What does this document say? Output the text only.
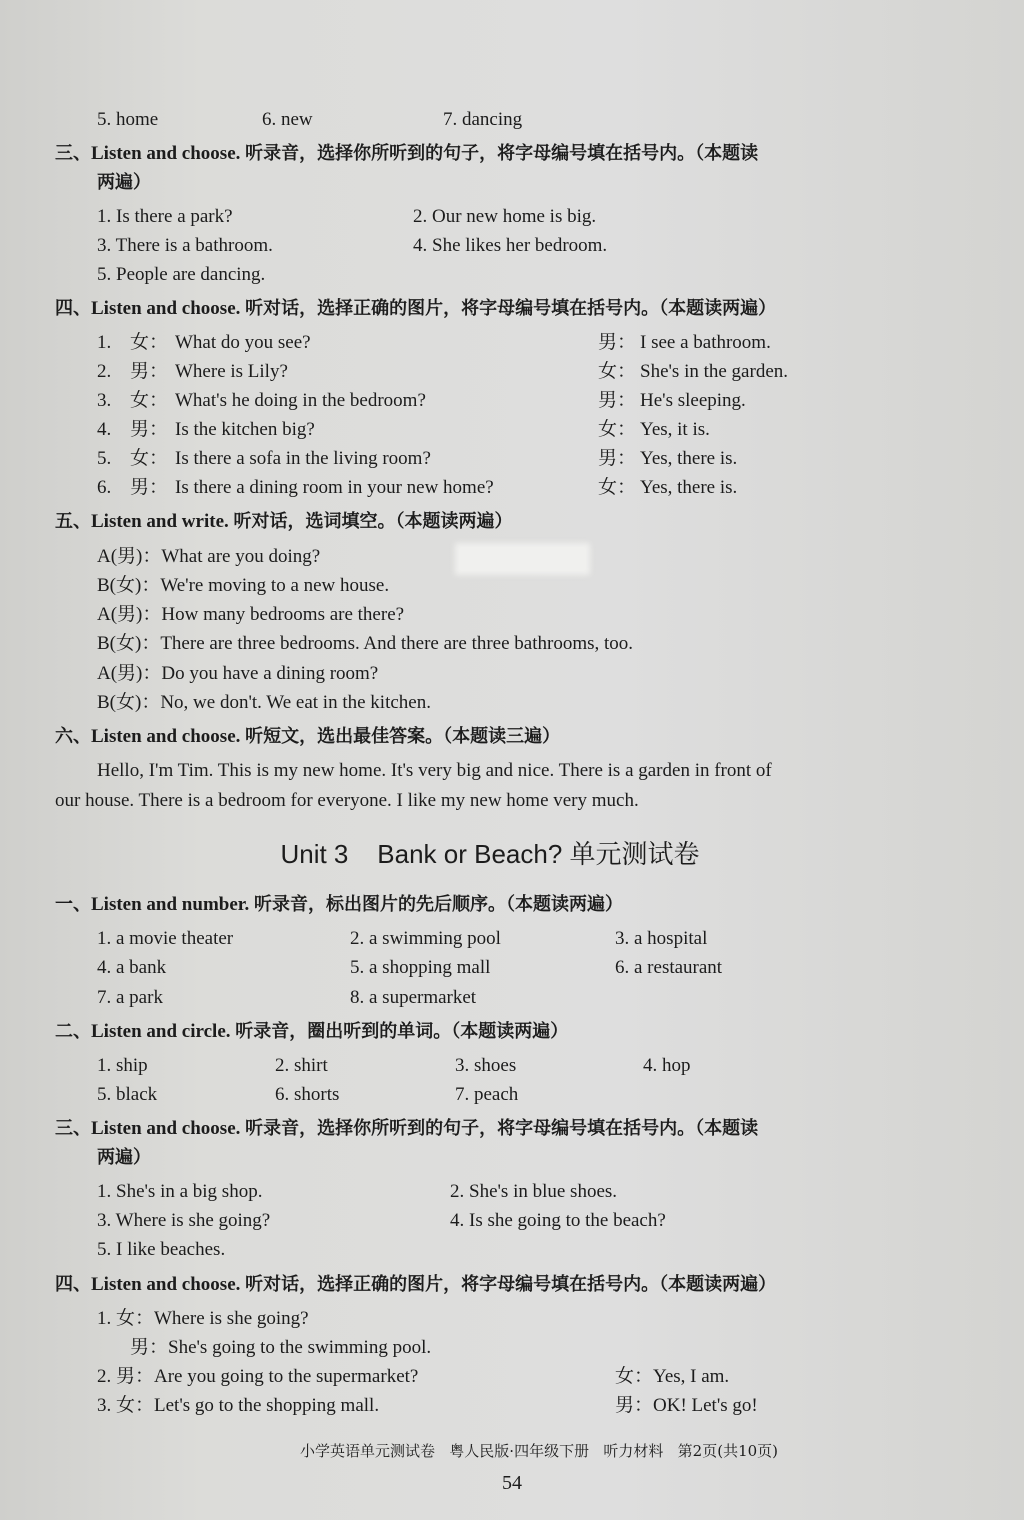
5. home	6. new	7. dancing
三、Listen and choose. 听录音，选择你所听到的句子，将字母编号填在括号内。（本题读
两遍）
1. Is there a park?	2. Our new home is big.
3. There is a bathroom.	4. She likes her bedroom.
5. People are dancing.
四、Listen and choose. 听对话，选择正确的图片，将字母编号填在括号内。（本题读两遍）
1. 女： What do you see?	男： I see a bathroom.
2. 男： Where is Lily?	女： She's in the garden.
3. 女： What's he doing in the bedroom?	男： He's sleeping.
4. 男： Is the kitchen big?	女： Yes, it is.
5. 女： Is there a sofa in the living room?	男： Yes, there is.
6. 男： Is there a dining room in your new home?	女： Yes, there is.
五、Listen and write. 听对话，选词填空。（本题读两遍）
A(男)：What are you doing?
B(女)：We're moving to a new house.
A(男)：How many bedrooms are there?
B(女)：There are three bedrooms. And there are three bathrooms, too.
A(男)：Do you have a dining room?
B(女)：No, we don't. We eat in the kitchen.
六、Listen and choose. 听短文，选出最佳答案。（本题读三遍）
Hello, I'm Tim. This is my new home. It's very big and nice. There is a garden in front of
our house. There is a bedroom for everyone. I like my new home very much.
Unit 3    Bank or Beach? 单元测试卷
一、Listen and number. 听录音，标出图片的先后顺序。（本题读两遍）
1. a movie theater	2. a swimming pool	3. a hospital
4. a bank	5. a shopping mall	6. a restaurant
7. a park	8. a supermarket
二、Listen and circle. 听录音，圈出听到的单词。（本题读两遍）
1. ship	2. shirt	3. shoes	4. hop
5. black	6. shorts	7. peach
三、Listen and choose. 听录音，选择你所听到的句子，将字母编号填在括号内。（本题读
两遍）
1. She's in a big shop.	2. She's in blue shoes.
3. Where is she going?	4. Is she going to the beach?
5. I like beaches.
四、Listen and choose. 听对话，选择正确的图片，将字母编号填在括号内。（本题读两遍）
1. 女：Where is she going?
男：She's going to the swimming pool.
2. 男：Are you going to the supermarket?	女：Yes, I am.
3. 女：Let's go to the shopping mall.	男：OK! Let's go!
小学英语单元测试卷   粤人民版·四年级下册   听力材料   第2页(共10页)
54
